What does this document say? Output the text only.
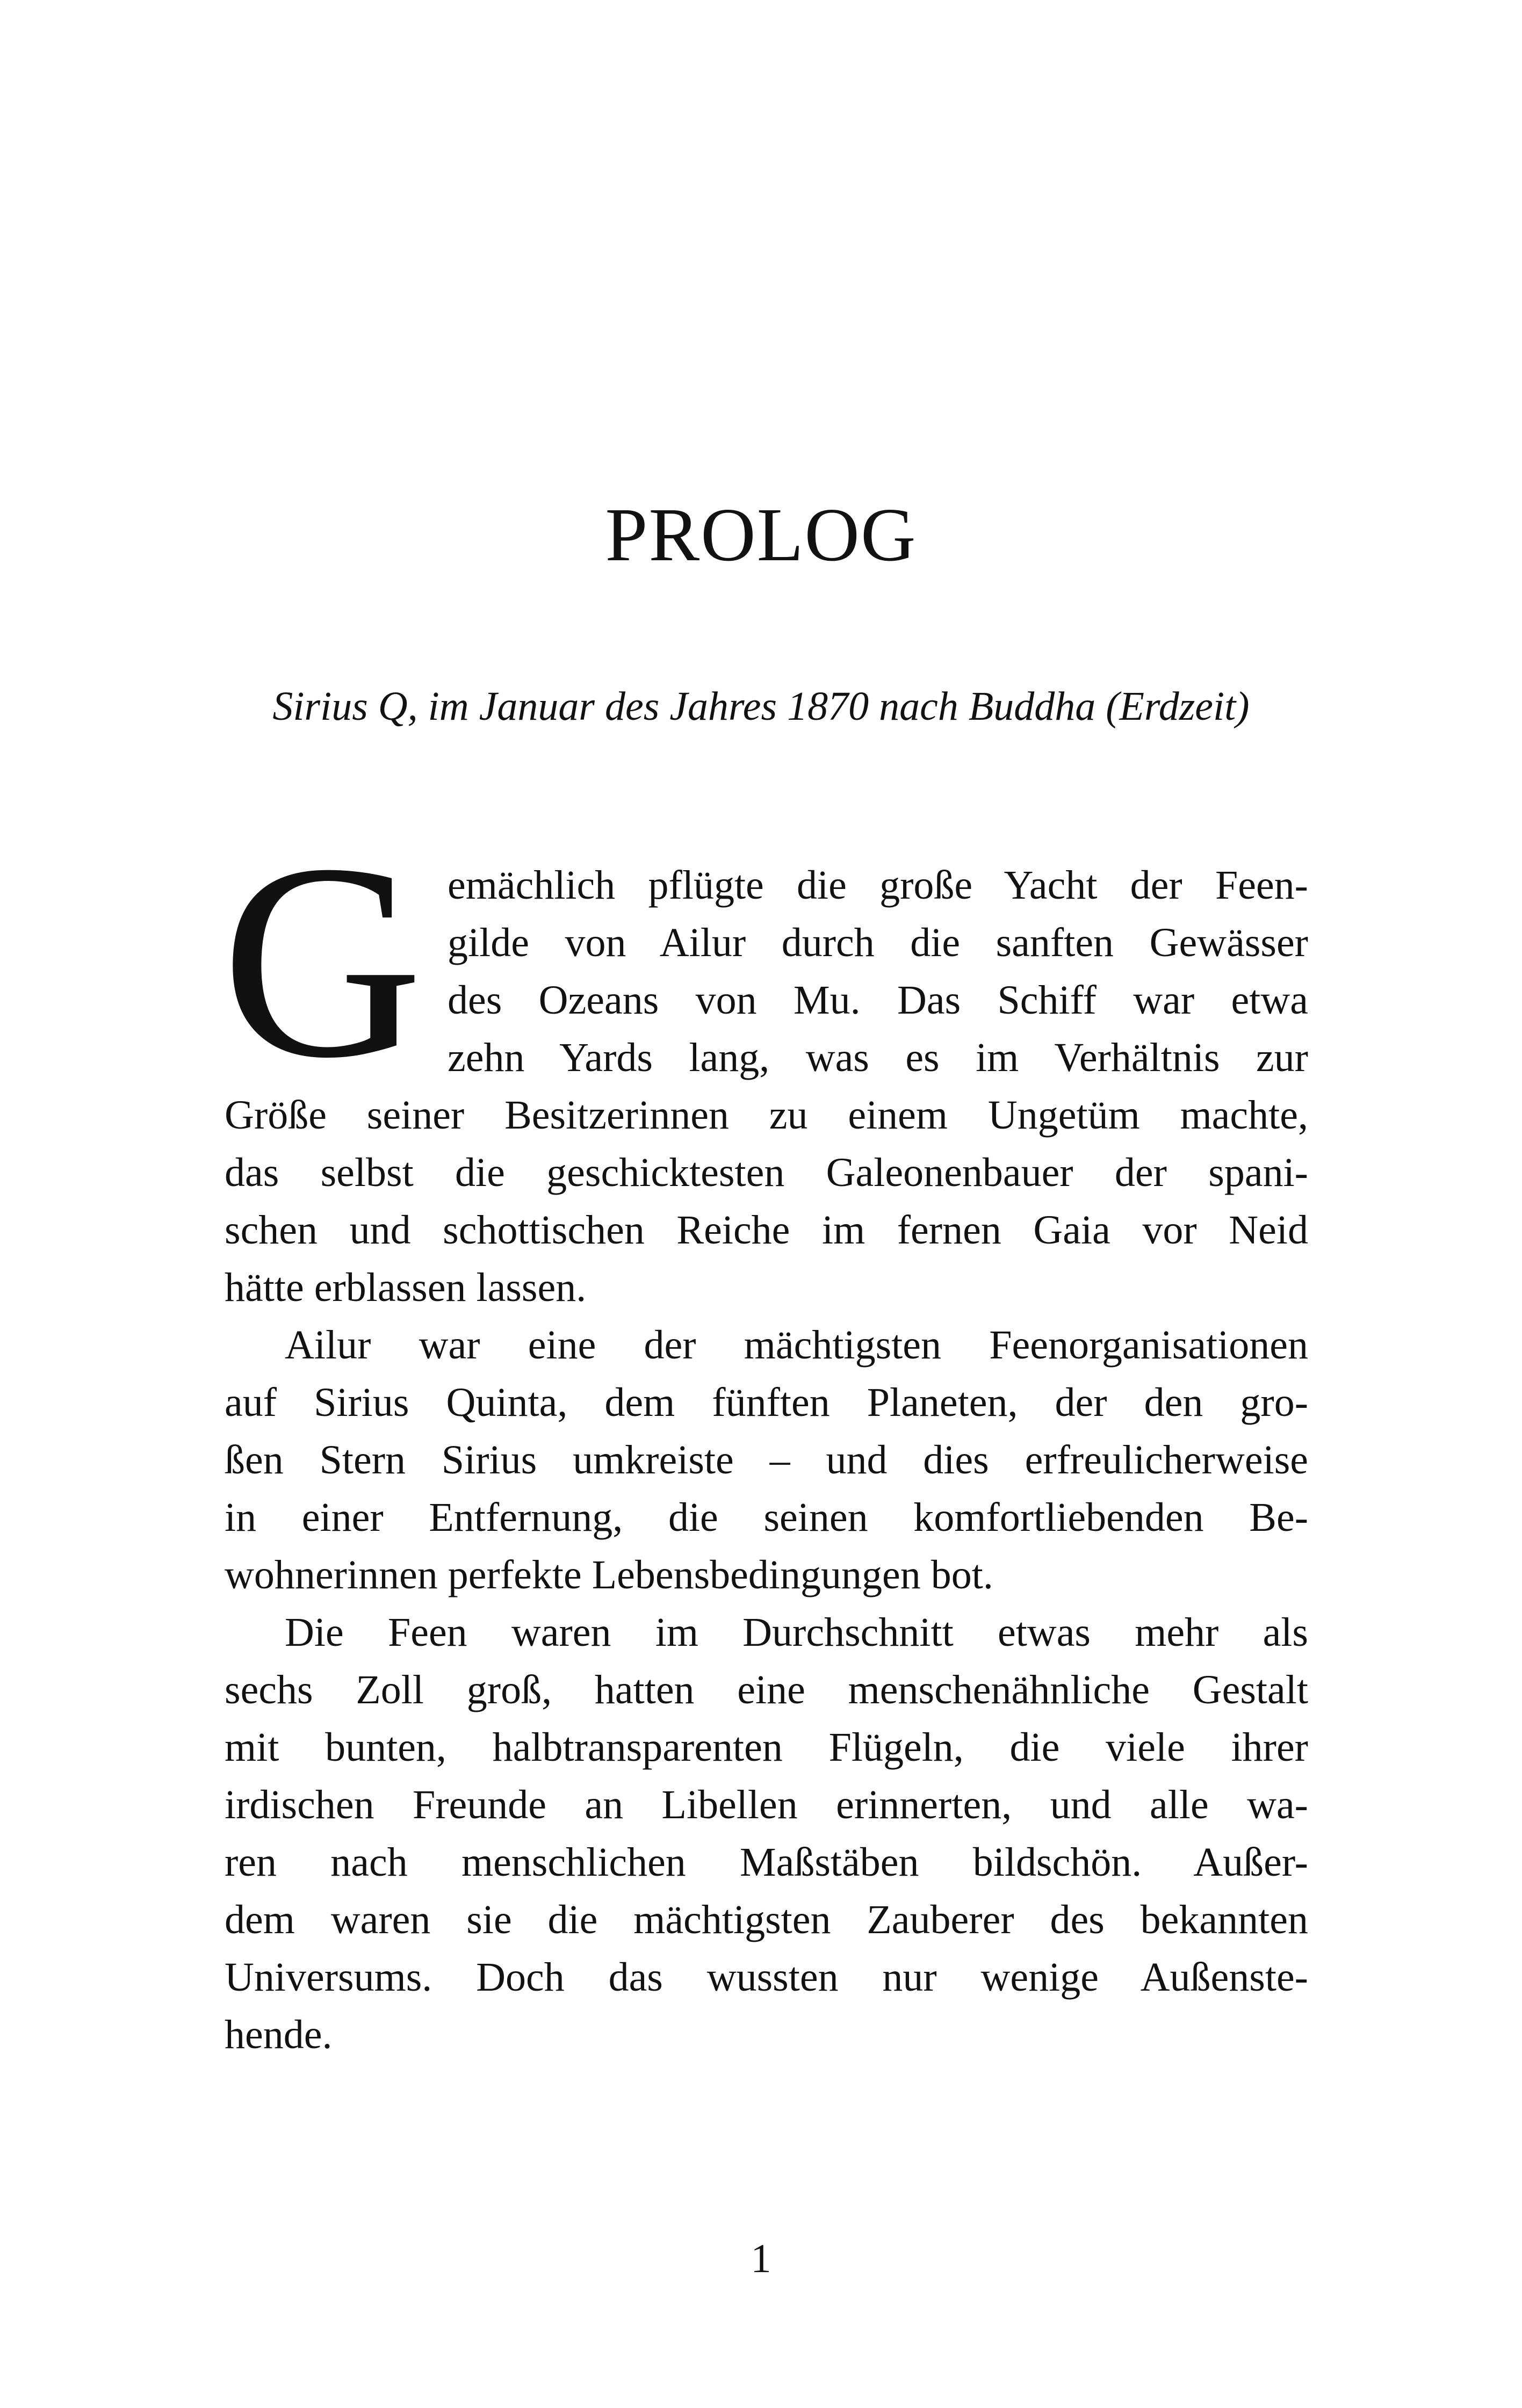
PROLOG
Sirius Q, im Januar des Jahres 1870 nach Buddha (Erdzeit)
G emächlich pflügte die große Yacht der Feen-
gilde von Ailur durch die sanften Gewässer
des Ozeans von Mu. Das Schiff war etwa
zehn Yards lang, was es im Verhältnis zur
Größe seiner Besitzerinnen zu einem Ungetüm machte,
das selbst die geschicktesten Galeonenbauer der spani-
schen und schottischen Reiche im fernen Gaia vor Neid
hätte erblassen lassen.
Ailur war eine der mächtigsten Feenorganisationen
auf Sirius Quinta, dem fünften Planeten, der den gro-
ßen Stern Sirius umkreiste – und dies erfreulicherweise
in einer Entfernung, die seinen komfortliebenden Be-
wohnerinnen perfekte Lebensbedingungen bot.
Die Feen waren im Durchschnitt etwas mehr als
sechs Zoll groß, hatten eine menschenähnliche Gestalt
mit bunten, halbtransparenten Flügeln, die viele ihrer
irdischen Freunde an Libellen erinnerten, und alle wa-
ren nach menschlichen Maßstäben bildschön. Außer-
dem waren sie die mächtigsten Zauberer des bekannten
Universums. Doch das wussten nur wenige Außenste-
hende.
1
